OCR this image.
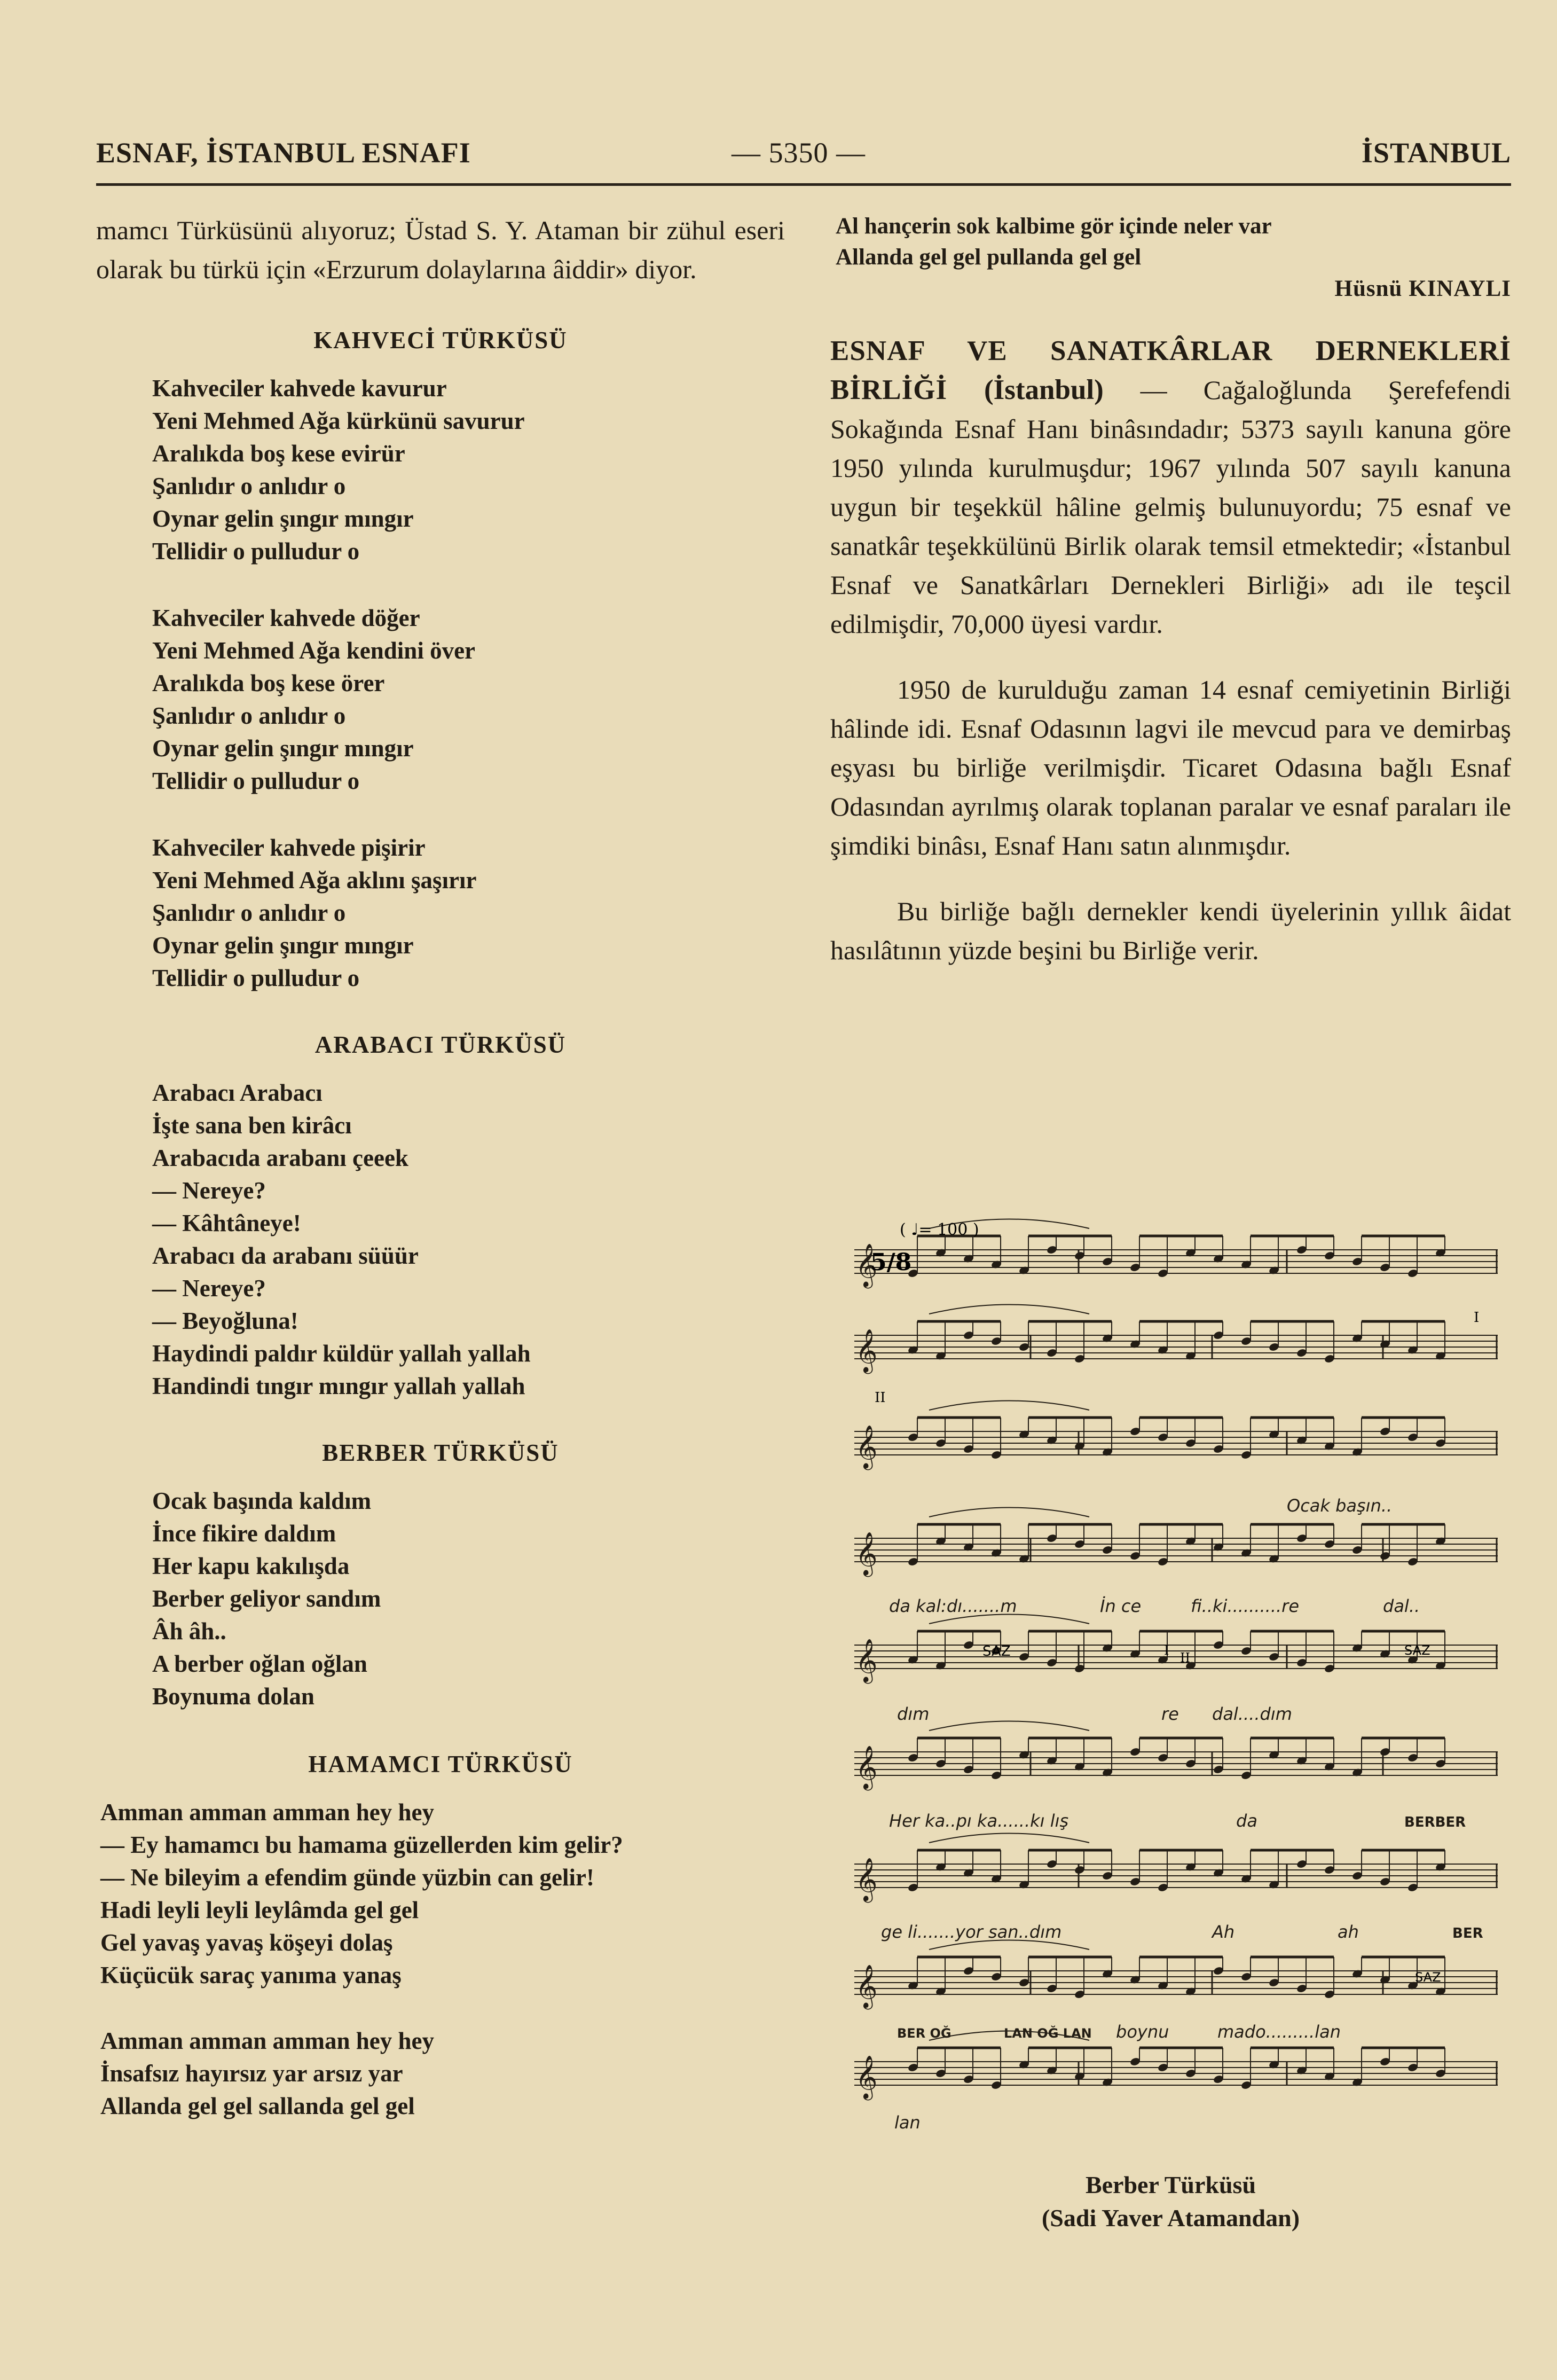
ESNAF, İSTANBUL ESNAFI	— 5350 —	İSTANBUL

mamcı Türküsünü alıyoruz; Üstad S. Y. Ataman bir zühul eseri olarak bu türkü için «Erzurum dolaylarına âiddir» diyor.

KAHVECİ TÜRKÜSÜ

Kahveciler kahvede kavurur
Yeni Mehmed Ağa kürkünü savurur
Aralıkda boş kese evirür
Şanlıdır o anlıdır o
Oynar gelin şıngır mıngır
Tellidir o pulludur o
Kahveciler kahvede döğer
Yeni Mehmed Ağa kendini över
Aralıkda boş kese örer
Şanlıdır o anlıdır o
Oynar gelin şıngır mıngır
Tellidir o pulludur o
Kahveciler kahvede pişirir
Yeni Mehmed Ağa aklını şaşırır
Şanlıdır o anlıdır o
Oynar gelin şıngır mıngır
Tellidir o pulludur o

ARABACI TÜRKÜSÜ

Arabacı Arabacı
İşte sana ben kirâcı
Arabacıda arabanı çeeek
— Nereye?
— Kâhtâneye!
Arabacı da arabanı süüür
— Nereye?
— Beyoğluna!
Haydindi paldır küldür yallah yallah
Handindi tıngır mıngır yallah yallah

BERBER TÜRKÜSÜ

Ocak başında kaldım
İnce fikire daldım
Her kapu kakılışda
Berber geliyor sandım
Âh âh..
A berber oğlan oğlan
Boynuma dolan

HAMAMCI TÜRKÜSÜ

Amman amman amman hey hey
— Ey hamamcı bu hamama güzellerden kim gelir?
— Ne bileyim a efendim günde yüzbin can gelir!
Hadi leyli leyli leylâmda gel gel
Gel yavaş yavaş köşeyi dolaş
Küçücük saraç yanıma yanaş
Amman amman amman hey hey
İnsafsız hayırsız yar arsız yar
Allanda gel gel sallanda gel gel
Al hançerin sok kalbime gör içinde neler var
Allanda gel gel pullanda gel gel
Hüsnü KINAYLI

ESNAF VE SANATKÂRLAR DERNEKLERİ BİRLİĞİ (İstanbul) — Cağaloğlunda Şerefefendi Sokağında Esnaf Hanı binâsındadır; 5373 sayılı kanuna göre 1950 yılında kurulmuşdur; 1967 yılında 507 sayılı kanuna uygun bir teşekkül hâline gelmiş bulunuyordu; 75 esnaf ve sanatkâr teşekkülünü Birlik olarak temsil etmektedir; «İstanbul Esnaf ve Sanatkârları Dernekleri Birliği» adı ile teşcil edilmişdir, 70,000 üyesi vardır.

1950 de kurulduğu zaman 14 esnaf cemiyetinin Birliği hâlinde idi. Esnaf Odasının lagvi ile mevcud para ve demirbaş eşyası bu birliğe verilmişdir. Ticaret Odasına bağlı Esnaf Odasından ayrılmış olarak toplanan paralar ve esnaf paraları ile şimdiki binâsı, Esnaf Hanı satın alınmışdır.

Bu birliğe bağlı dernekler kendi üyelerinin yıllık âidat hasılâtının yüzde beşini bu Birliğe verir.

𝄞
𝄞
𝄞
𝄞
𝄞
𝄞
𝄞
𝄞
𝄞
( ♩= 100 )
5/8
I
II
SAZ	I II	SAZ
SAZ
Ocak başın..
da kal:dı.......m	İn ce	fi..ki..........re	dal..
dım	re dal....dım
Her ka..pı ka......kı lış	da	BERBER
ge li.......yor san..dım	Ah	ah	BER
BER OĞ	LAN OĞ LAN boynu	mado.........lan
lan
Berber Türküsü
(Sadi Yaver Atamandan)
